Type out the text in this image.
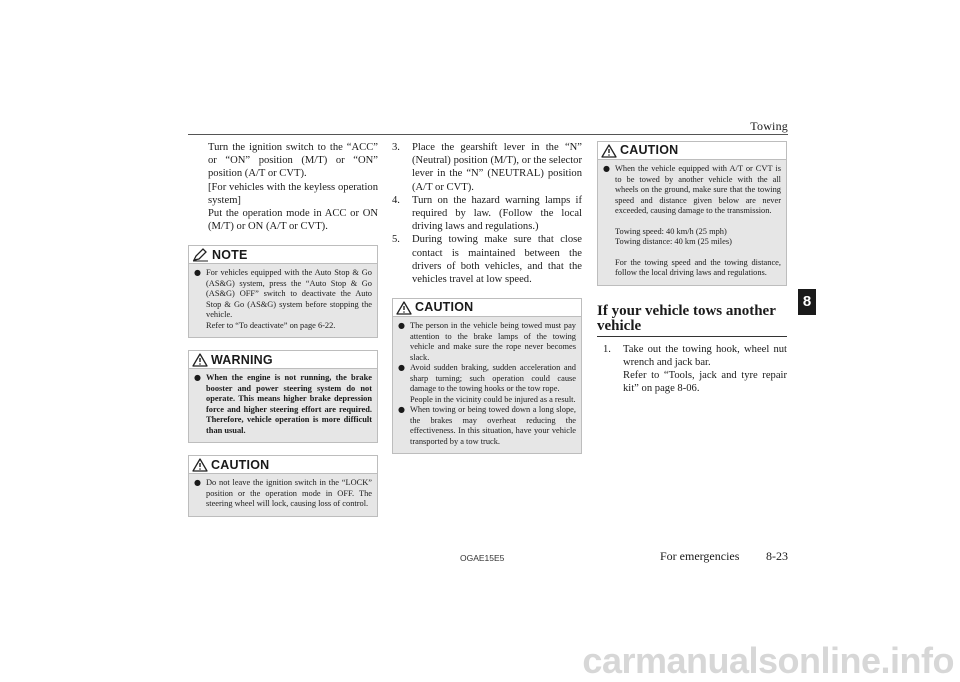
Towing
8

Turn the ignition switch to the “ACC” or “ON” position (M/T) or “ON” position (A/T or CVT).

[For vehicles with the keyless operation system]

Put the operation mode in ACC or ON (M/T) or ON (A/T or CVT).

NOTE
● For vehicles equipped with the Auto Stop & Go (AS&G) system, press the “Auto Stop & Go (AS&G) OFF” switch to deactivate the Auto Stop & Go (AS&G) system before stopping the vehicle.
Refer to “To deactivate” on page 6-22.
WARNING
● When the engine is not running, the brake booster and power steering system do not operate. This means higher brake depression force and higher steering effort are required. Therefore, vehicle operation is more difficult than usual.
CAUTION
● Do not leave the ignition switch in the “LOCK” position or the operation mode in OFF. The steering wheel will lock, causing loss of control.
3.	Place the gearshift lever in the “N” (Neutral) position (M/T), or the selector lever in the “N” (NEUTRAL) position (A/T or CVT).
4.	Turn on the hazard warning lamps if required by law. (Follow the local driving laws and regulations.)
5.	During towing make sure that close contact is maintained between the drivers of both vehicles, and that the vehicles travel at low speed.
CAUTION
● The person in the vehicle being towed must pay attention to the brake lamps of the towing vehicle and make sure the rope never becomes slack.
● Avoid sudden braking, sudden acceleration and sharp turning; such operation could cause damage to the towing hooks or the tow rope.
People in the vicinity could be injured as a result.
● When towing or being towed down a long slope, the brakes may overheat reducing the effectiveness. In this situation, have your vehicle transported by a tow truck.
CAUTION
● When the vehicle equipped with A/T or CVT is to be towed by another vehicle with the all wheels on the ground, make sure that the towing speed and distance given below are never exceeded, causing damage to the transmission.
Towing speed: 40 km/h (25 mph)
Towing distance: 40 km (25 miles)
For the towing speed and the towing distance, follow the local driving laws and regulations.
If your vehicle tows another vehicle
1.	Take out the towing hook, wheel nut wrench and jack bar.
Refer to “Tools, jack and tyre repair kit” on page 8-06.
OGAE15E5	For emergencies 8-23
carmanualsonline.info
